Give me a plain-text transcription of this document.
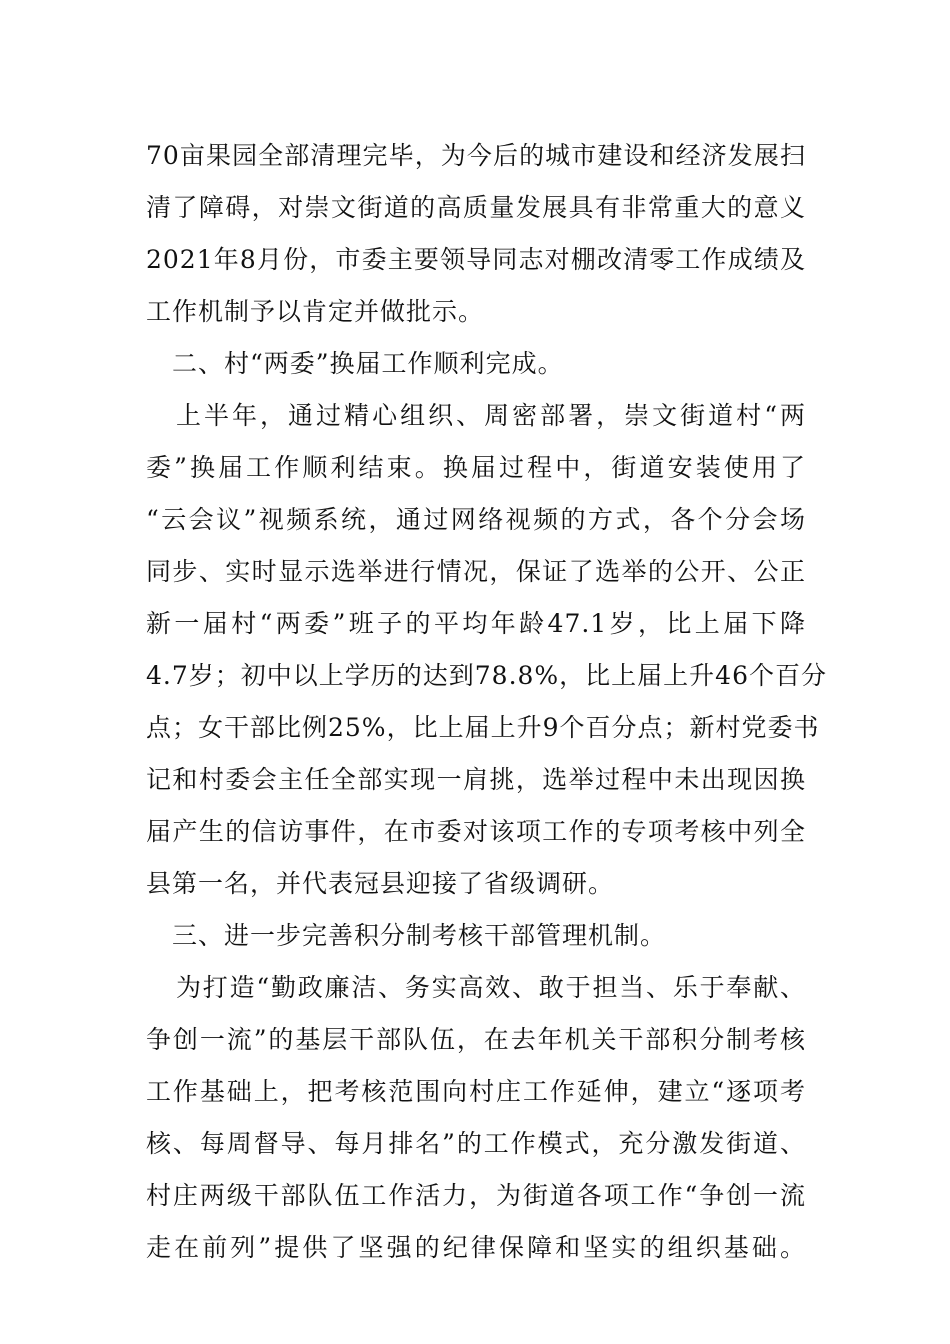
70亩果园全部清理完毕，为今后的城市建设和经济发展扫
清了障碍，对崇文街道的高质量发展具有非常重大的意义
2021年8月份，市委主要领导同志对棚改清零工作成绩及
工作机制予以肯定并做批示。
二、村“两委”换届工作顺利完成。
上半年，通过精心组织、周密部署，崇文街道村“两
委”换届工作顺利结束。换届过程中，街道安装使用了
“云会议”视频系统，通过网络视频的方式，各个分会场
同步、实时显示选举进行情况，保证了选举的公开、公正
新一届村“两委”班子的平均年龄47.1岁，比上届下降
4.7岁；初中以上学历的达到78.8%，比上届上升46个百分
点；女干部比例25%，比上届上升9个百分点；新村党委书
记和村委会主任全部实现一肩挑，选举过程中未出现因换
届产生的信访事件，在市委对该项工作的专项考核中列全
县第一名，并代表冠县迎接了省级调研。
三、进一步完善积分制考核干部管理机制。
为打造“勤政廉洁、务实高效、敢于担当、乐于奉献、
争创一流”的基层干部队伍，在去年机关干部积分制考核
工作基础上，把考核范围向村庄工作延伸，建立“逐项考
核、每周督导、每月排名”的工作模式，充分激发街道、
村庄两级干部队伍工作活力，为街道各项工作“争创一流
走在前列”提供了坚强的纪律保障和坚实的组织基础。
